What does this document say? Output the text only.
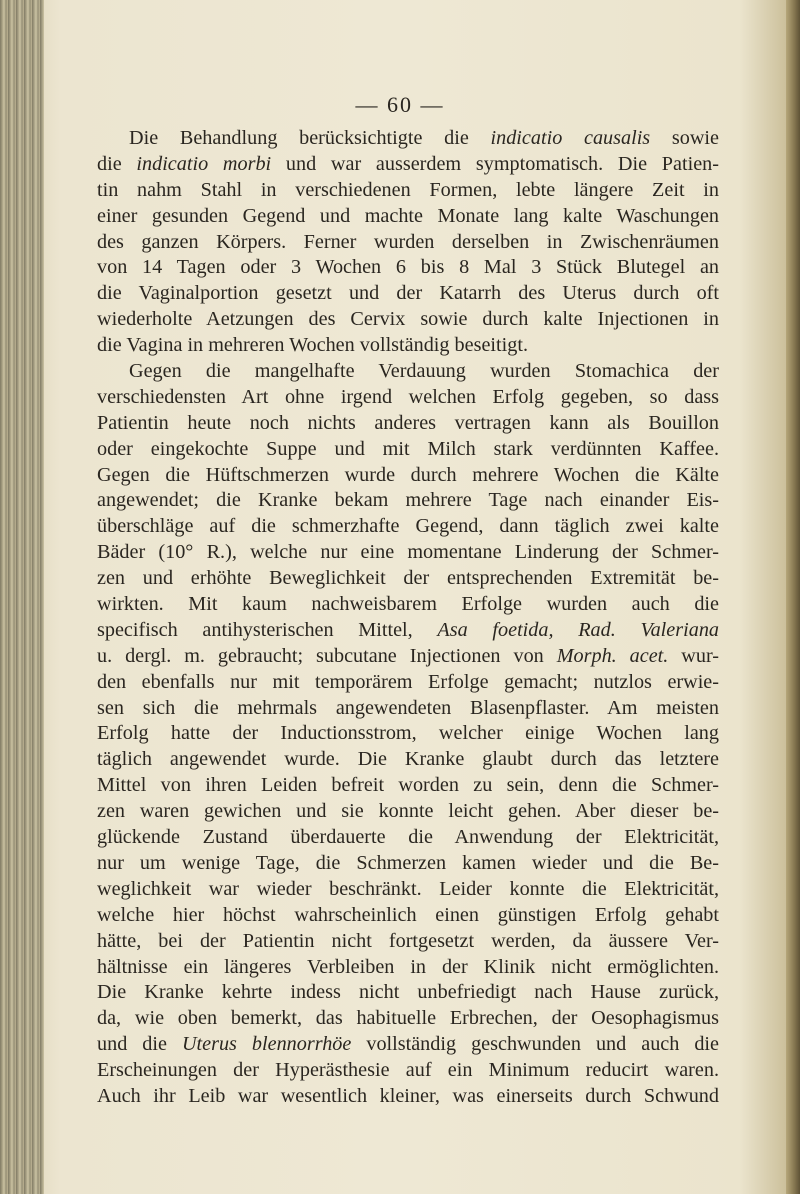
— 60 —
Die Behandlung berücksichtigte die indicatio causalis sowie
die indicatio morbi und war ausserdem symptomatisch. Die Patien-
tin nahm Stahl in verschiedenen Formen, lebte längere Zeit in
einer gesunden Gegend und machte Monate lang kalte Waschungen
des ganzen Körpers. Ferner wurden derselben in Zwischenräumen
von 14 Tagen oder 3 Wochen 6 bis 8 Mal 3 Stück Blutegel an
die Vaginalportion gesetzt und der Katarrh des Uterus durch oft
wiederholte Aetzungen des Cervix sowie durch kalte Injectionen in
die Vagina in mehreren Wochen vollständig beseitigt.
Gegen die mangelhafte Verdauung wurden Stomachica der
verschiedensten Art ohne irgend welchen Erfolg gegeben, so dass
Patientin heute noch nichts anderes vertragen kann als Bouillon
oder eingekochte Suppe und mit Milch stark verdünnten Kaffee.
Gegen die Hüftschmerzen wurde durch mehrere Wochen die Kälte
angewendet; die Kranke bekam mehrere Tage nach einander Eis-
überschläge auf die schmerzhafte Gegend, dann täglich zwei kalte
Bäder (10° R.), welche nur eine momentane Linderung der Schmer-
zen und erhöhte Beweglichkeit der entsprechenden Extremität be-
wirkten. Mit kaum nachweisbarem Erfolge wurden auch die
specifisch antihysterischen Mittel, Asa foetida, Rad. Valeriana
u. dergl. m. gebraucht; subcutane Injectionen von Morph. acet. wur-
den ebenfalls nur mit temporärem Erfolge gemacht; nutzlos erwie-
sen sich die mehrmals angewendeten Blasenpflaster. Am meisten
Erfolg hatte der Inductionsstrom, welcher einige Wochen lang
täglich angewendet wurde. Die Kranke glaubt durch das letztere
Mittel von ihren Leiden befreit worden zu sein, denn die Schmer-
zen waren gewichen und sie konnte leicht gehen. Aber dieser be-
glückende Zustand überdauerte die Anwendung der Elektricität,
nur um wenige Tage, die Schmerzen kamen wieder und die Be-
weglichkeit war wieder beschränkt. Leider konnte die Elektricität,
welche hier höchst wahrscheinlich einen günstigen Erfolg gehabt
hätte, bei der Patientin nicht fortgesetzt werden, da äussere Ver-
hältnisse ein längeres Verbleiben in der Klinik nicht ermöglichten.
Die Kranke kehrte indess nicht unbefriedigt nach Hause zurück,
da, wie oben bemerkt, das habituelle Erbrechen, der Oesophagismus
und die Uterus blennorrhöe vollständig geschwunden und auch die
Erscheinungen der Hyperästhesie auf ein Minimum reducirt waren.
Auch ihr Leib war wesentlich kleiner, was einerseits durch Schwund
